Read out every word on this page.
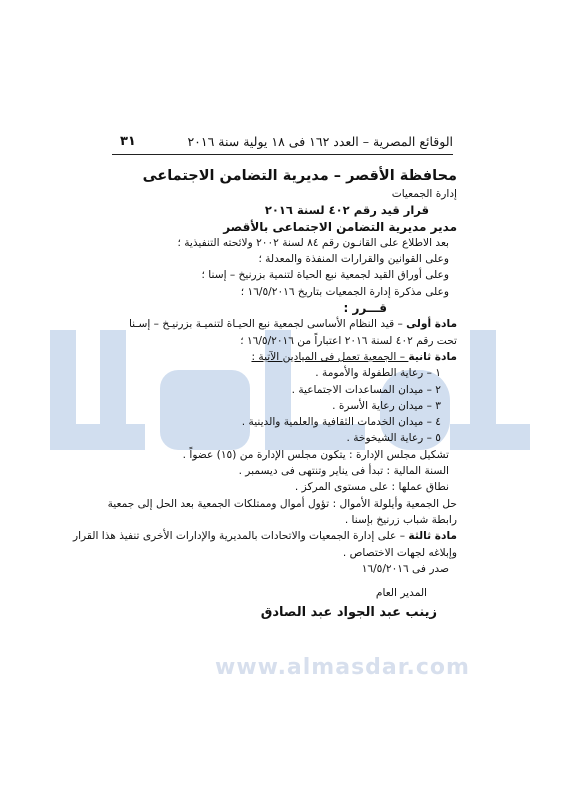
www.almasdar.com
٣١	الوقائع المصرية – العدد ١٦٢ فى ١٨ يولية سنة ٢٠١٦
محافظة الأقصر – مديرية التضامن الاجتماعى
إدارة الجمعيات
قرار قيد رقم ٤٠٢ لسنة ٢٠١٦
مدير مديرية التضامن الاجتماعى بالأقصر
بعد الاطلاع على القانـون رقم ٨٤ لسنة ٢٠٠٢ ولائحته التنفيذية ؛
وعلى القوانين والقرارات المنفذة والمعدلة ؛
وعلى أوراق القيد لجمعية نبع الحياة لتنمية بزرنيخ – إسنا ؛
وعلى مذكرة إدارة الجمعيات بتاريخ ١٦/٥/٢٠١٦ ؛
قـــرر :
مادة أولى – قيد النظام الأساسى لجمعية نبع الحيـاة لتنميـة بزرنيـخ – إسـنا
تحت رقم ٤٠٢ لسنة ٢٠١٦ اعتباراً من ١٦/٥/٢٠١٦ ؛
مادة ثانية – الجمعية تعمل فى الميادين الآتية :
١ – رعاية الطفولة والأمومة .
٢ – ميدان المساعدات الاجتماعية .
٣ – ميدان رعاية الأسرة .
٤ – ميدان الخدمات الثقافية والعلمية والدينية .
٥ – رعاية الشيخوخة .
تشكيل مجلس الإدارة : يتكون مجلس الإدارة من (١٥) عضواً .
السنة المالية : تبدأ فى يناير وتنتهى فى ديسمبر .
نطاق عملها : على مستوى المركز .
حل الجمعية وأيلولة الأموال : تؤول أموال وممتلكات الجمعية بعد الحل إلى جمعية
رابطة شباب زرنيخ بإسنا .
مادة ثالثة – على إدارة الجمعيات والاتحادات بالمديرية والإدارات الأخرى تنفيذ هذا القرار
وإبلاغه لجهات الاختصاص .
صدر فى ١٦/٥/٢٠١٦
المدير العام
زينب عبد الجواد عبد الصادق
